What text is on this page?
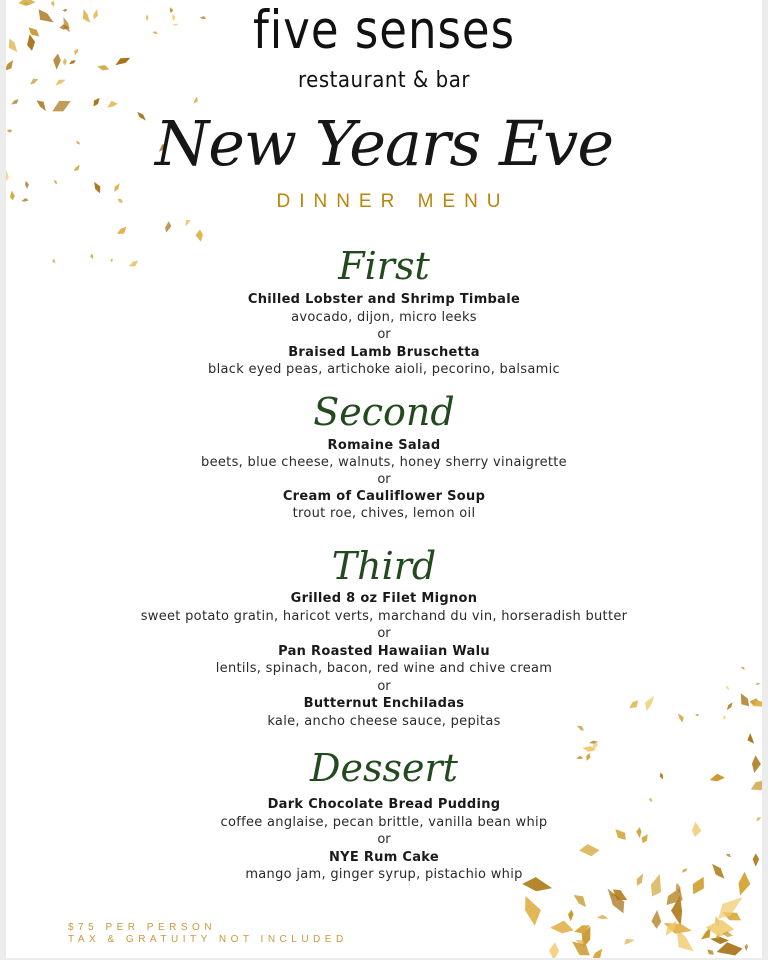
five senses
restaurant & bar
New Years Eve
DINNER MENU
First
Chilled Lobster and Shrimp Timbale
avocado, dijon, micro leeks
or
Braised Lamb Bruschetta
black eyed peas, artichoke aioli, pecorino, balsamic
Second
Romaine Salad
beets, blue cheese, walnuts, honey sherry vinaigrette
or
Cream of Cauliflower Soup
trout roe, chives, lemon oil
Third
Grilled 8 oz Filet Mignon
sweet potato gratin, haricot verts, marchand du vin, horseradish butter
or
Pan Roasted Hawaiian Walu
lentils, spinach, bacon, red wine and chive cream
or
Butternut Enchiladas
kale, ancho cheese sauce, pepitas
Dessert
Dark Chocolate Bread Pudding
coffee anglaise, pecan brittle, vanilla bean whip
or
NYE Rum Cake
mango jam, ginger syrup, pistachio whip
$75 PER PERSON
TAX & GRATUITY NOT INCLUDED
